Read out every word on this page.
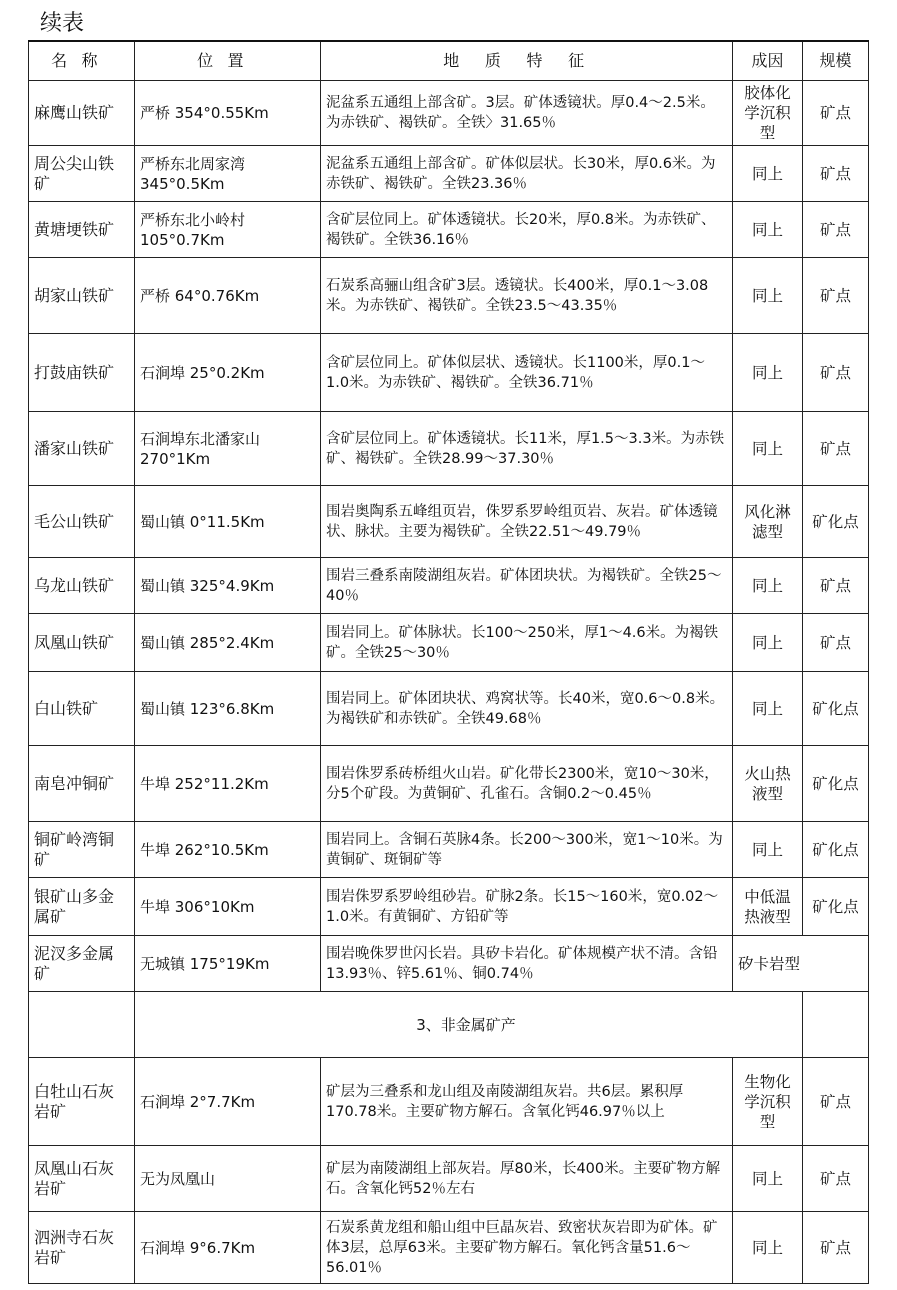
续表
名称	位置	地质特征	成因	规模
麻鹰山铁矿	严桥 354°0.55Km	泥盆系五通组上部含矿。3层。矿体透镜状。厚0.4～2.5米。为赤铁矿、褐铁矿。全铁〉31.65％	胶体化学沉积型	矿点
周公尖山铁矿	严桥东北周家湾345°0.5Km	泥盆系五通组上部含矿。矿体似层状。长30米，厚0.6米。为赤铁矿、褐铁矿。全铁23.36％	同上	矿点
黄塘埂铁矿	严桥东北小岭村105°0.7Km	含矿层位同上。矿体透镜状。长20米，厚0.8米。为赤铁矿、褐铁矿。全铁36.16％	同上	矿点
胡家山铁矿	严桥 64°0.76Km	石炭系高骊山组含矿3层。透镜状。长400米，厚0.1～3.08米。为赤铁矿、褐铁矿。全铁23.5～43.35％	同上	矿点
打鼓庙铁矿	石涧埠 25°0.2Km	含矿层位同上。矿体似层状、透镜状。长1100米，厚0.1～1.0米。为赤铁矿、褐铁矿。全铁36.71％	同上	矿点
潘家山铁矿	石涧埠东北潘家山270°1Km	含矿层位同上。矿体透镜状。长11米，厚1.5～3.3米。为赤铁矿、褐铁矿。全铁28.99～37.30％	同上	矿点
毛公山铁矿	蜀山镇 0°11.5Km	围岩奥陶系五峰组页岩，侏罗系罗岭组页岩、灰岩。矿体透镜状、脉状。主要为褐铁矿。全铁22.51～49.79％	风化淋滤型	矿化点
乌龙山铁矿	蜀山镇 325°4.9Km	围岩三叠系南陵湖组灰岩。矿体团块状。为褐铁矿。全铁25～40％	同上	矿点
凤凰山铁矿	蜀山镇 285°2.4Km	围岩同上。矿体脉状。长100～250米，厚1～4.6米。为褐铁矿。全铁25～30％	同上	矿点
白山铁矿	蜀山镇 123°6.8Km	围岩同上。矿体团块状、鸡窝状等。长40米，宽0.6～0.8米。为褐铁矿和赤铁矿。全铁49.68％	同上	矿化点
南皂冲铜矿	牛埠 252°11.2Km	围岩侏罗系砖桥组火山岩。矿化带长2300米，宽10～30米，分5个矿段。为黄铜矿、孔雀石。含铜0.2～0.45％	火山热液型	矿化点
铜矿岭湾铜矿	牛埠 262°10.5Km	围岩同上。含铜石英脉4条。长200～300米，宽1～10米。为黄铜矿、斑铜矿等	同上	矿化点
银矿山多金属矿	牛埠 306°10Km	围岩侏罗系罗岭组砂岩。矿脉2条。长15～160米，宽0.02～1.0米。有黄铜矿、方铅矿等	中低温热液型	矿化点
泥汊多金属矿	无城镇 175°19Km	围岩晚侏罗世闪长岩。具矽卡岩化。矿体规模产状不清。含铅13.93％、锌5.61％、铜0.74％	矽卡岩型	
	3、非金属矿产			
白牡山石灰岩矿	石涧埠 2°7.7Km	矿层为三叠系和龙山组及南陵湖组灰岩。共6层。累积厚170.78米。主要矿物方解石。含氧化钙46.97％以上	生物化学沉积型	矿点
凤凰山石灰岩矿	无为凤凰山	矿层为南陵湖组上部灰岩。厚80米，长400米。主要矿物方解石。含氧化钙52％左右	同上	矿点
泗洲寺石灰岩矿	石涧埠 9°6.7Km	石炭系黄龙组和船山组中巨晶灰岩、致密状灰岩即为矿体。矿体3层，总厚63米。主要矿物方解石。氧化钙含量51.6～56.01％	同上	矿点
